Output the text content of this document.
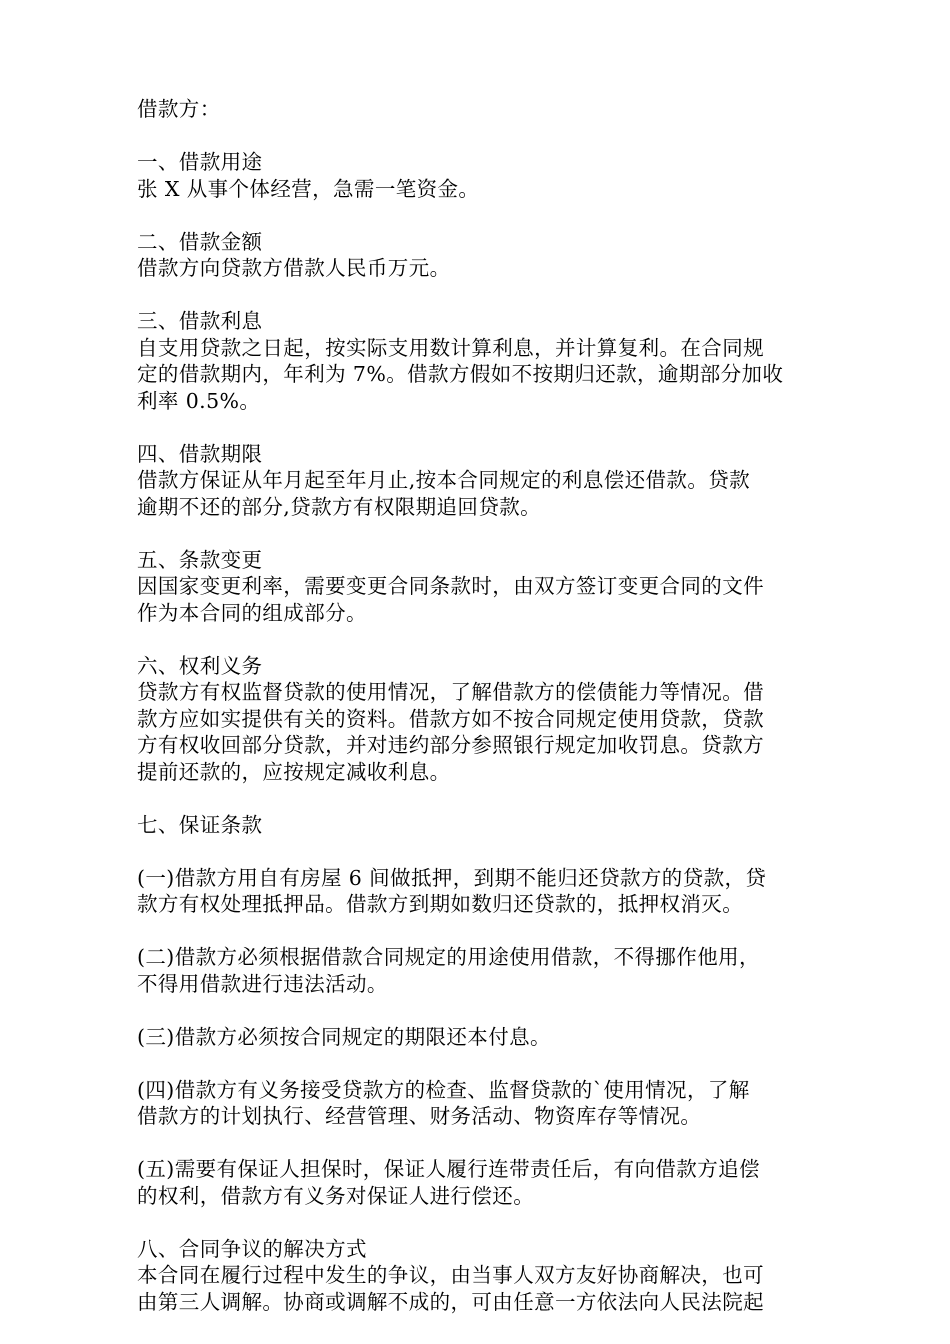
借款方：
一、借款用途
张 X 从事个体经营，急需一笔资金。
二、借款金额
借款方向贷款方借款人民币万元。
三、借款利息
自支用贷款之日起，按实际支用数计算利息，并计算复利。在合同规
定的借款期内，年利为 7%。借款方假如不按期归还款，逾期部分加收
利率 0.5%。
四、借款期限
借款方保证从年月起至年月止,按本合同规定的利息偿还借款。贷款
逾期不还的部分,贷款方有权限期追回贷款。
五、条款变更
因国家变更利率，需要变更合同条款时，由双方签订变更合同的文件
作为本合同的组成部分。
六、权利义务
贷款方有权监督贷款的使用情况，了解借款方的偿债能力等情况。借
款方应如实提供有关的资料。借款方如不按合同规定使用贷款，贷款
方有权收回部分贷款，并对违约部分参照银行规定加收罚息。贷款方
提前还款的，应按规定减收利息。
七、保证条款
(一)借款方用自有房屋 6 间做抵押，到期不能归还贷款方的贷款，贷
款方有权处理抵押品。借款方到期如数归还贷款的，抵押权消灭。
(二)借款方必须根据借款合同规定的用途使用借款，不得挪作他用，
不得用借款进行违法活动。
(三)借款方必须按合同规定的期限还本付息。
(四)借款方有义务接受贷款方的检查、监督贷款的`使用情况，了解
借款方的计划执行、经营管理、财务活动、物资库存等情况。
(五)需要有保证人担保时，保证人履行连带责任后，有向借款方追偿
的权利，借款方有义务对保证人进行偿还。
八、合同争议的解决方式
本合同在履行过程中发生的争议，由当事人双方友好协商解决，也可
由第三人调解。协商或调解不成的，可由任意一方依法向人民法院起
